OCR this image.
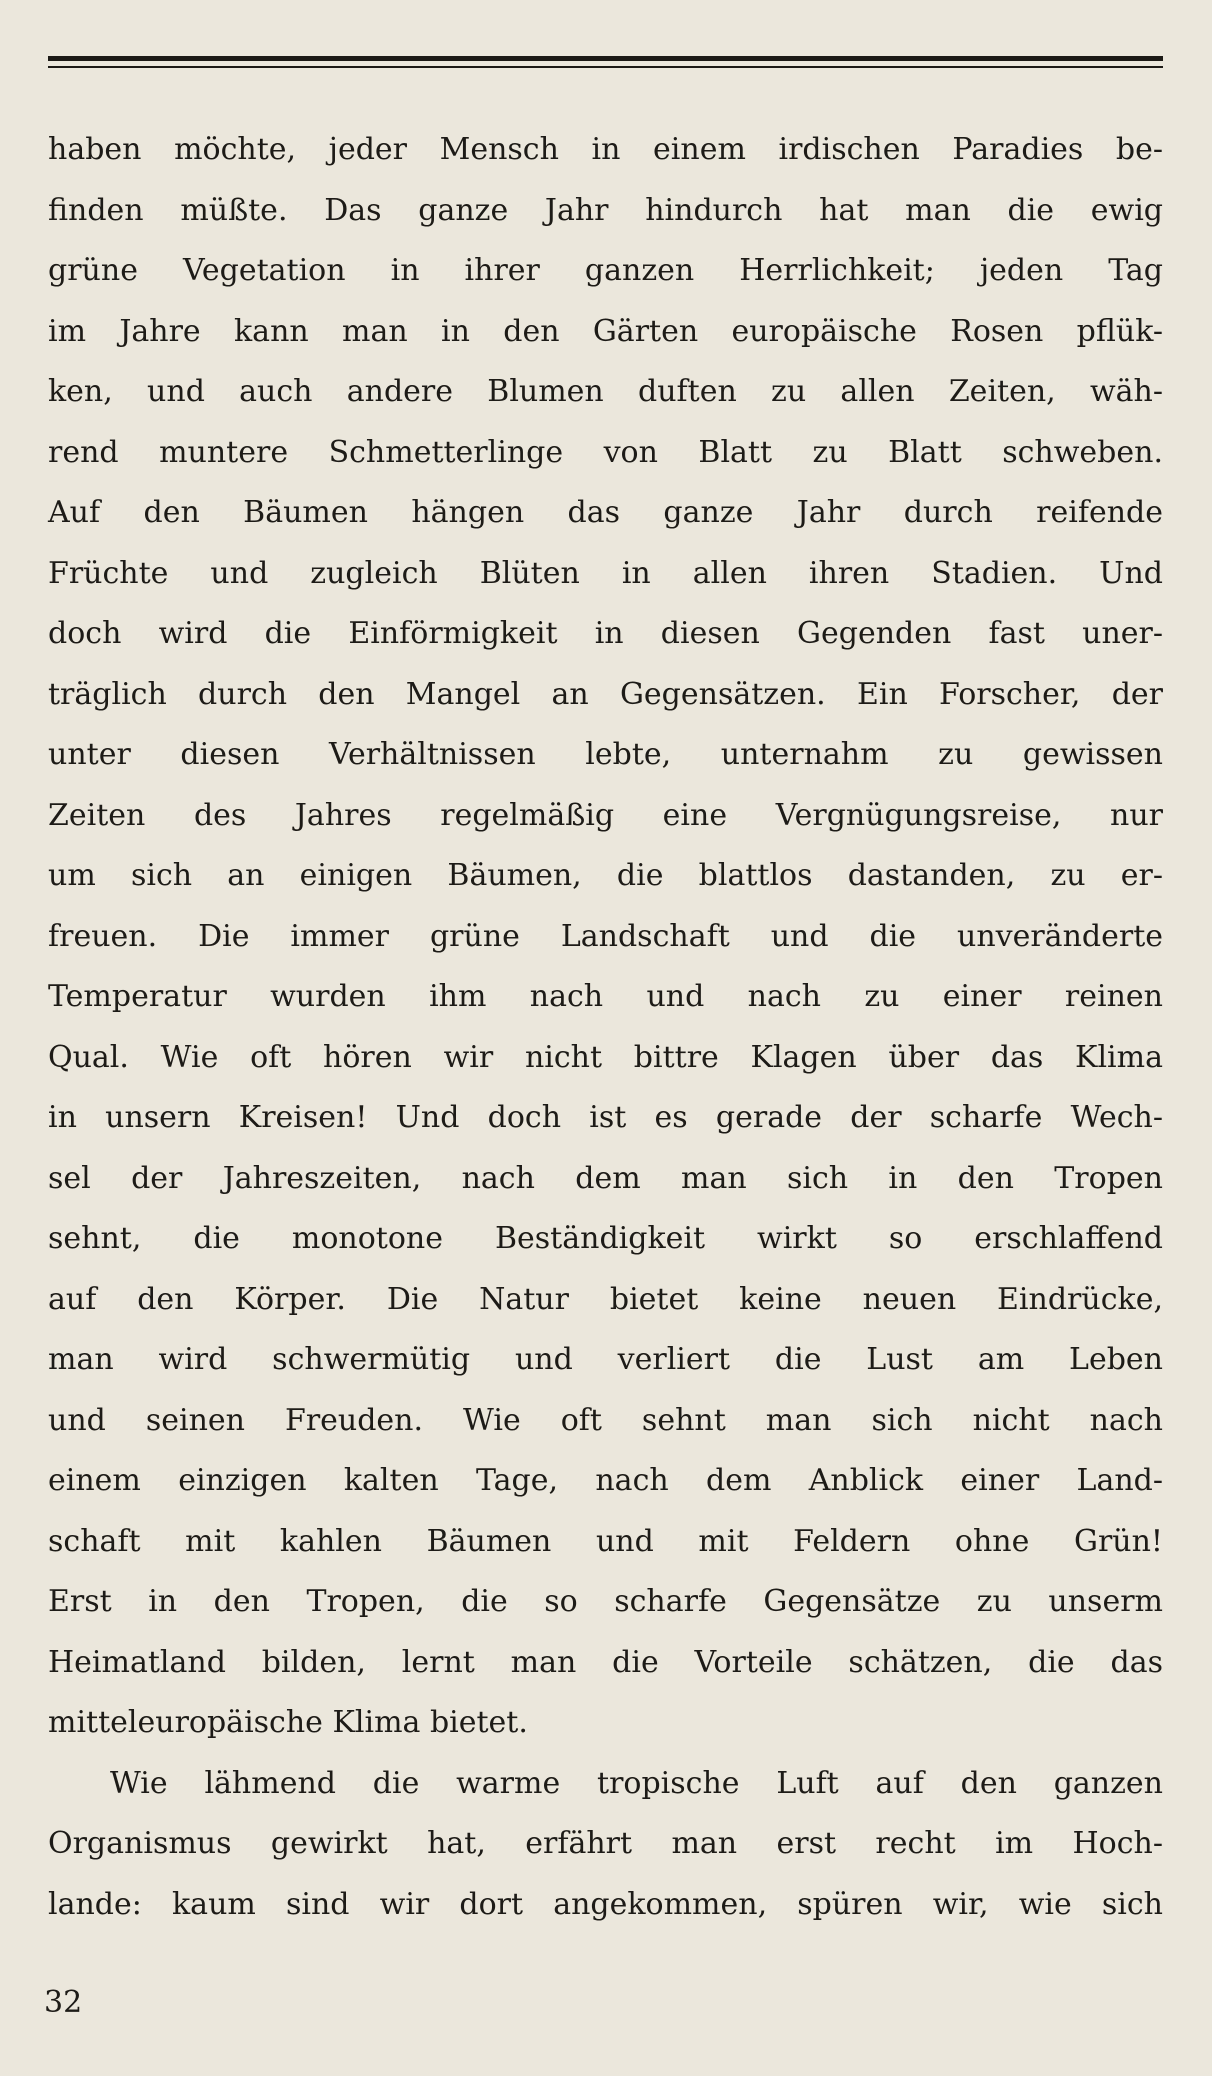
haben möchte, jeder Mensch in einem irdischen Paradies be-
finden müßte. Das ganze Jahr hindurch hat man die ewig
grüne Vegetation in ihrer ganzen Herrlichkeit; jeden Tag
im Jahre kann man in den Gärten europäische Rosen pflük-
ken, und auch andere Blumen duften zu allen Zeiten, wäh-
rend muntere Schmetterlinge von Blatt zu Blatt schweben.
Auf den Bäumen hängen das ganze Jahr durch reifende
Früchte und zugleich Blüten in allen ihren Stadien. Und
doch wird die Einförmigkeit in diesen Gegenden fast uner-
träglich durch den Mangel an Gegensätzen. Ein Forscher, der
unter diesen Verhältnissen lebte, unternahm zu gewissen
Zeiten des Jahres regelmäßig eine Vergnügungsreise, nur
um sich an einigen Bäumen, die blattlos dastanden, zu er-
freuen. Die immer grüne Landschaft und die unveränderte
Temperatur wurden ihm nach und nach zu einer reinen
Qual. Wie oft hören wir nicht bittre Klagen über das Klima
in unsern Kreisen! Und doch ist es gerade der scharfe Wech-
sel der Jahreszeiten, nach dem man sich in den Tropen
sehnt, die monotone Beständigkeit wirkt so erschlaffend
auf den Körper. Die Natur bietet keine neuen Eindrücke,
man wird schwermütig und verliert die Lust am Leben
und seinen Freuden. Wie oft sehnt man sich nicht nach
einem einzigen kalten Tage, nach dem Anblick einer Land-
schaft mit kahlen Bäumen und mit Feldern ohne Grün!
Erst in den Tropen, die so scharfe Gegensätze zu unserm
Heimatland bilden, lernt man die Vorteile schätzen, die das
mitteleuropäische Klima bietet.
Wie lähmend die warme tropische Luft auf den ganzen
Organismus gewirkt hat, erfährt man erst recht im Hoch-
lande: kaum sind wir dort angekommen, spüren wir, wie sich
32
